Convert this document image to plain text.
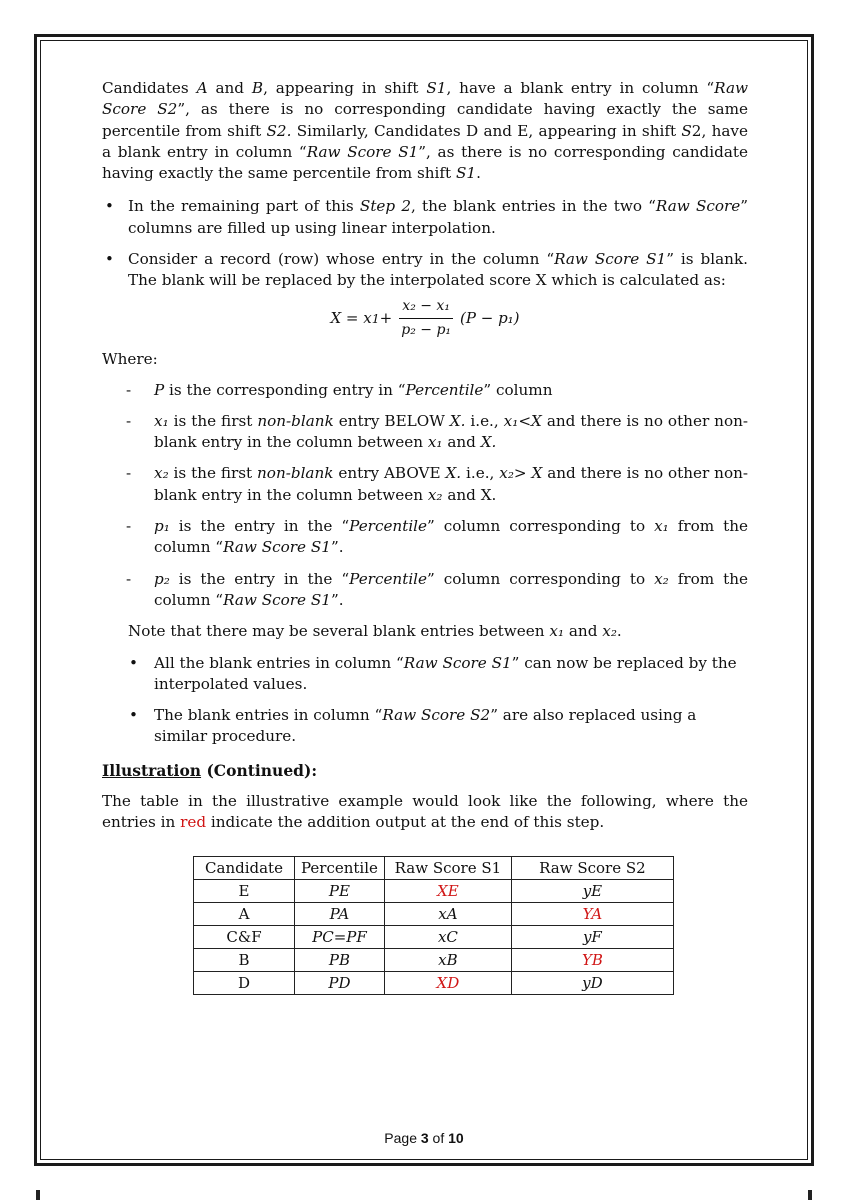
Candidates A and B, appearing in shift S1, have a blank entry in column “Raw Score S2”, as there is no corresponding candidate having exactly the same percentile from shift S2. Similarly, Candidates D and E, appearing in shift S2, have a blank entry in column “Raw Score S1”, as there is no corresponding candidate having exactly the same percentile from shift S1.

• In the remaining part of this Step 2, the blank entries in the two “Raw Score” columns are filled up using linear interpolation.
• Consider a record (row) whose entry in the column “Raw Score S1” is blank. The blank will be replaced by the interpolated score X which is calculated as:
X = x $1 + \frac{\text{x₂ − x₁}}{\text{p₂ − p₁}} (P - p_1)$

Where:

- P is the corresponding entry in “Percentile” column
- x₁ is the first non-blank entry BELOW X. i.e., x₁<X and there is no other non-blank entry in the column between x₁ and X.
- x₂ is the first non-blank entry ABOVE X. i.e., x₂> X and there is no other non-blank entry in the column between x₂ and X.
- p₁ is the entry in the “Percentile” column corresponding to x₁ from the column “Raw Score S1”.
- p₂ is the entry in the “Percentile” column corresponding to x₂ from the column “Raw Score S1”.

Note that there may be several blank entries between x₁ and x₂.

• All the blank entries in column “Raw Score S1” can now be replaced by the interpolated values.
• The blank entries in column “Raw Score S2” are also replaced using a similar procedure.

Illustration (Continued):

The table in the illustrative example would look like the following, where the entries in red indicate the addition output at the end of this step.

Candidate	Percentile	Raw Score S1	Raw Score S2
E	PE	XE	yE
A	PA	xA	YA
C&F	PC=PF	xC	yF
B	PB	xB	YB
D	PD	XD	yD
Page 3 of 10
